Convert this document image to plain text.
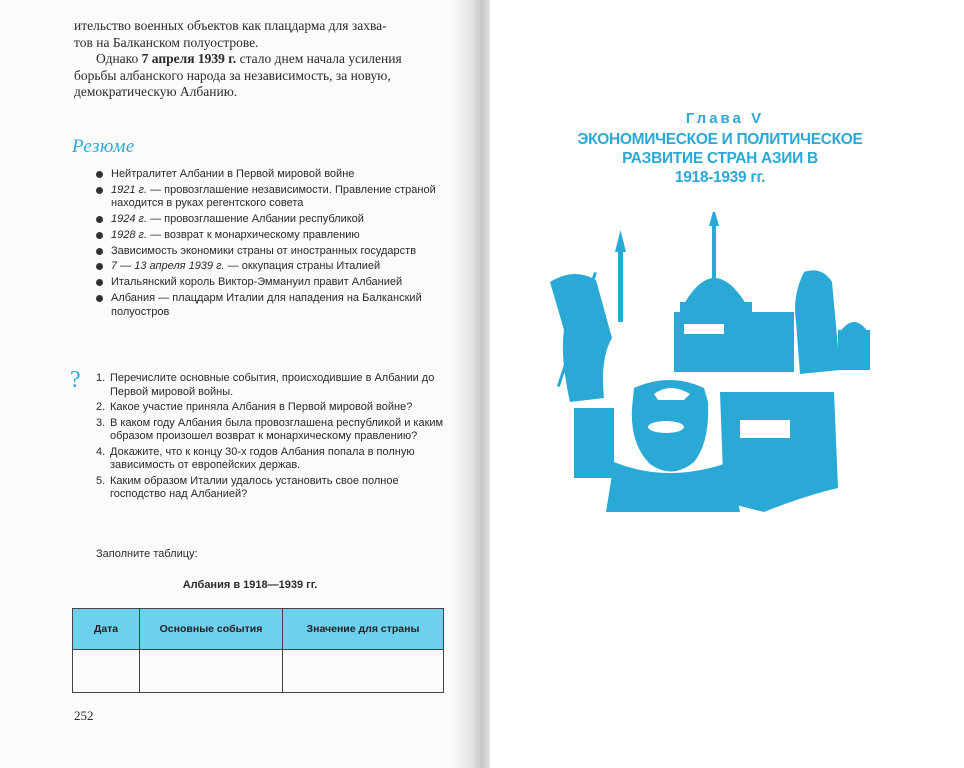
ительство военных объектов как плацдарма для захва-

тов на Балканском полуострове.

Однако 7 апреля 1939 г. стало днем начала усиления борьбы албанского народа за независимость, за новую, демократическую Албанию.

Резюме
Нейтралитет Албании в Первой мировой войне
1921 г. — провозглашение независимости. Правление страной находится в руках регентского совета
1924 г. — провозглашение Албании республикой
1928 г. — возврат к монархическому правлению
Зависимость экономики страны от иностранных государств
7 — 13 апреля 1939 г. — оккупация страны Италией
Итальянский король Виктор-Эммануил правит Албанией
Албания — плацдарм Италии для нападения на Балканский полуостров
? 1. Перечислите основные события, происходившие в Албании до Первой мировой войны.
2. Какое участие приняла Албания в Первой мировой войне?
3. В каком году Албания была провозглашена республикой и каким образом произошел возврат к монархическому правлению?
4. Докажите, что к концу 30-х годов Албания попала в полную зависимость от европейских держав.
5. Каким образом Италии удалось установить свое полное господство над Албанией?
Заполните таблицу:
Албания в 1918—1939 гг.
Дата	Основные события	Значение для страны

252
Глава V
ЭКОНОМИЧЕСКОЕ И ПОЛИТИЧЕСКОЕ
РАЗВИТИЕ СТРАН АЗИИ В
1918-1939 гг.
